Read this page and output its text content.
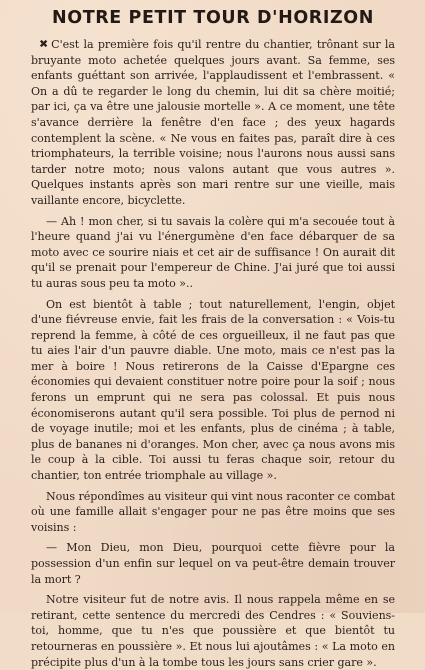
NOTRE PETIT TOUR D'HORIZON

✖ C'est la première fois qu'il rentre du chantier, trônant sur la bruyante moto achetée quelques jours avant. Sa femme, ses enfants guéttant son arrivée, l'applaudissent et l'embrassent. « On a dû te regarder le long du chemin, lui dit sa chère moitié; par ici, ça va être une jalousie mortelle ». A ce moment, une tête s'avance derrière la fenêtre d'en face ; des yeux hagards contemplent la scène. « Ne vous en faites pas, paraît dire à ces triomphateurs, la terrible voisine; nous l'aurons nous aussi sans tarder notre moto; nous valons autant que vous autres ». Quelques instants après son mari rentre sur une vieille, mais vaillante encore, bicyclette.

— Ah ! mon cher, si tu savais la colère qui m'a secouée tout à l'heure quand j'ai vu l'énergumène d'en face débarquer de sa moto avec ce sourire niais et cet air de suffisance ! On aurait dit qu'il se prenait pour l'empereur de Chine. J'ai juré que toi aussi tu auras sous peu ta moto »..

On est bientôt à table ; tout naturellement, l'engin, objet d'une fiévreuse envie, fait les frais de la conversation : « Vois-tu reprend la femme, à côté de ces orgueilleux, il ne faut pas que tu aies l'air d'un pauvre diable. Une moto, mais ce n'est pas la mer à boire ! Nous retirerons de la Caisse d'Epargne ces économies qui devaient constituer notre poire pour la soif ; nous ferons un emprunt qui ne sera pas colossal. Et puis nous économiserons autant qu'il sera possible. Toi plus de pernod ni de voyage inutile; moi et les enfants, plus de cinéma ; à table, plus de bananes ni d'oranges. Mon cher, avec ça nous avons mis le coup à la cible. Toi aussi tu feras chaque soir, retour du chantier, ton entrée triomphale au village ».

Nous répondîmes au visiteur qui vint nous raconter ce combat où une famille allait s'engager pour ne pas être moins que ses voisins :

— Mon Dieu, mon Dieu, pourquoi cette fièvre pour la possession d'un enfin sur lequel on va peut-être demain trouver la mort ?

Notre visiteur fut de notre avis. Il nous rappela même en se retirant, cette sentence du mercredi des Cendres : « Souviens-toi, homme, que tu n'es que poussière et que bientôt tu retourneras en poussière ». Et nous lui ajoutâmes : « La moto en précipite plus d'un à la tombe tous les jours sans crier gare ».
